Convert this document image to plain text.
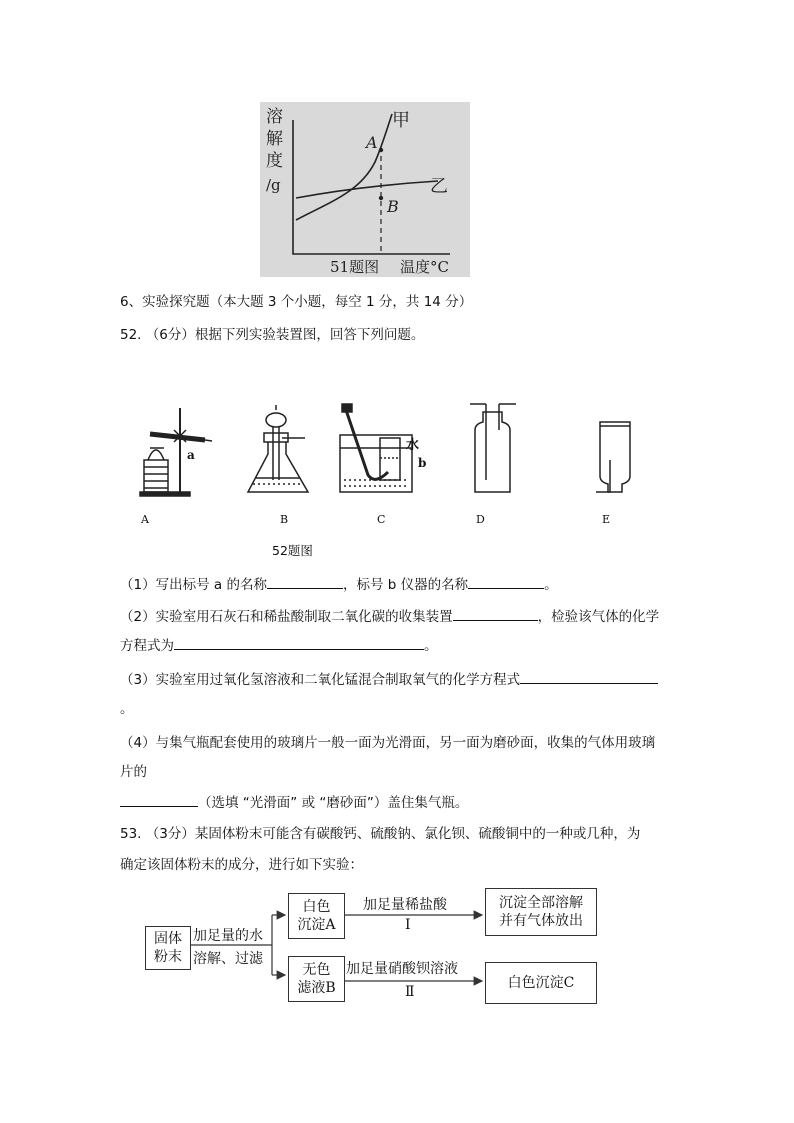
溶
解
度
/g
甲
乙
A
B
51题图 温度°C
6、实验探究题（本大题 3 个小题，每空 1 分，共 14 分）
52. （6分）根据下列实验装置图，回答下列问题。
a
水
b
A	B	C	D	E
52题图
（1）写出标号 a 的名称	，标号 b 仪器的名称	。
（2）实验室用石灰石和稀盐酸制取二氧化碳的收集装置	，检验该气体的化学
方程式为	。
（3）实验室用过氧化氢溶液和二氧化锰混合制取氧气的化学方程式
。
（4）与集气瓶配套使用的玻璃片一般一面为光滑面，另一面为磨砂面，收集的气体用玻璃
片的
（选填 “光滑面” 或 “磨砂面”）盖住集气瓶。
53. （3分）某固体粉末可能含有碳酸钙、硫酸钠、氯化钡、硫酸铜中的一种或几种，为
确定该固体粉末的成分，进行如下实验：
固体
粉末
加足量的水
溶解、过滤
白色
沉淀A
无色
滤液B
加足量稀盐酸
Ⅰ
加足量硝酸钡溶液
Ⅱ
沉淀全部溶解
并有气体放出
白色沉淀C
